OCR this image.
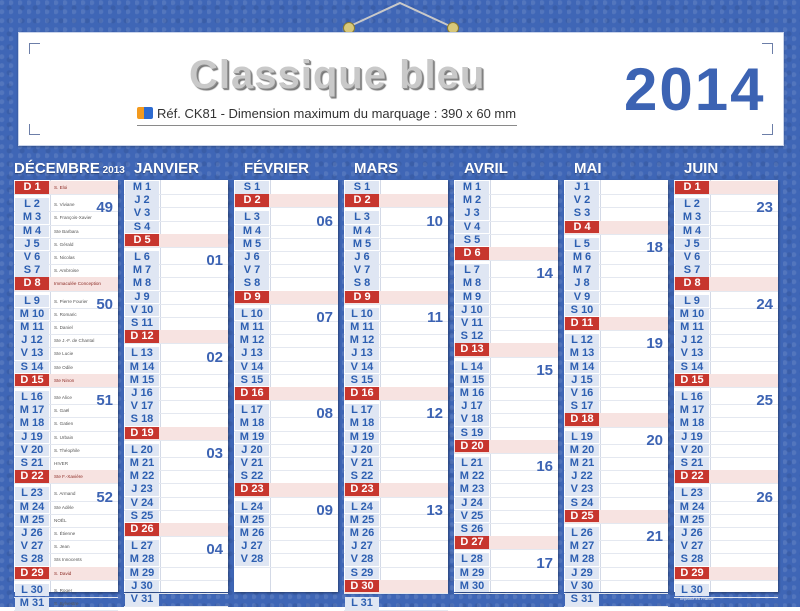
Classique bleu
Réf. CK81 - Dimension maximum du marquage : 390 x 60 mm 2014
DÉCEMBRE 2013
D 1	S. Eloi
L 2	S. Viviane 49
M 3	S. François-Xavier
M 4	Ste Barbara
J 5	S. Gérald
V 6	S. Nicolas
S 7	S. Ambroise
D 8	Immaculée Conception
L 9	S. Pierre Fourier 50
M 10	S. Romaric
M 11	S. Daniel
J 12	Ste J.-F. de Chantal
V 13	Ste Lucie
S 14	Ste Odile
D 15	Ste Ninon
L 16	Ste Alice 51
M 17	S. Gaël
M 18	S. Gatien
J 19	S. Urbain
V 20	S. Théophile
S 21	HIVER
D 22	Ste F.-Xavière
L 23	S. Armand 52
M 24	Ste Adèle
M 25	NOËL
J 26	S. Étienne
V 27	S. Jean
S 28	Sts Innocents
D 29	S. David
L 30	S. Roger
M 31	S. Sylvestre
JANVIER
M 1
J 2
V 3
S 4
D 5
L 6	01
M 7
M 8
J 9
V 10
S 11
D 12
L 13	02
M 14
M 15
J 16
V 17
S 18
D 19
L 20	03
M 21
M 22
J 23
V 24
S 25
D 26
L 27	04
M 28
M 29
J 30
V 31
FÉVRIER
S 1
D 2
L 3	06
M 4
M 5
J 6
V 7
S 8
D 9
L 10	07
M 11
M 12
J 13
V 14
S 15
D 16
L 17	08
M 18
M 19
J 20
V 21
S 22
D 23
L 24	09
M 25
M 26
J 27
V 28
MARS
S 1
D 2
L 3	10
M 4
M 5
J 6
V 7
S 8
D 9
L 10	11
M 11
M 12
J 13
V 14
S 15
D 16
L 17	12
M 18
M 19
J 20
V 21
S 22
D 23
L 24	13
M 25
M 26
J 27
V 28
S 29
D 30
L 31
AVRIL
M 1
M 2
J 3
V 4
S 5
D 6
L 7	14
M 8
M 9
J 10
V 11
S 12
D 13
L 14	15
M 15
M 16
J 17
V 18
S 19
D 20
L 21	16
M 22
M 23
J 24
V 25
S 26
D 27
L 28	17
M 29
M 30
MAI
J 1
V 2
S 3
D 4
L 5	18
M 6
M 7
J 8
V 9
S 10
D 11
L 12	19
M 13
M 14
J 15
V 16
S 17
D 18
L 19	20
M 20
M 21
J 22
V 23
S 24
D 25
L 26	21
M 27
M 28
J 29
V 30
S 31
JUIN
D 1
L 2	23
M 3
M 4
J 5
V 6
S 7
D 8
L 9	24
M 10
M 11
J 12
V 13
S 14
D 15
L 16	25
M 17
M 18
J 19
V 20
S 21
D 22
L 23	26
M 24
M 25
J 26
V 27
S 28
D 29
L 30
Imprimé en France
